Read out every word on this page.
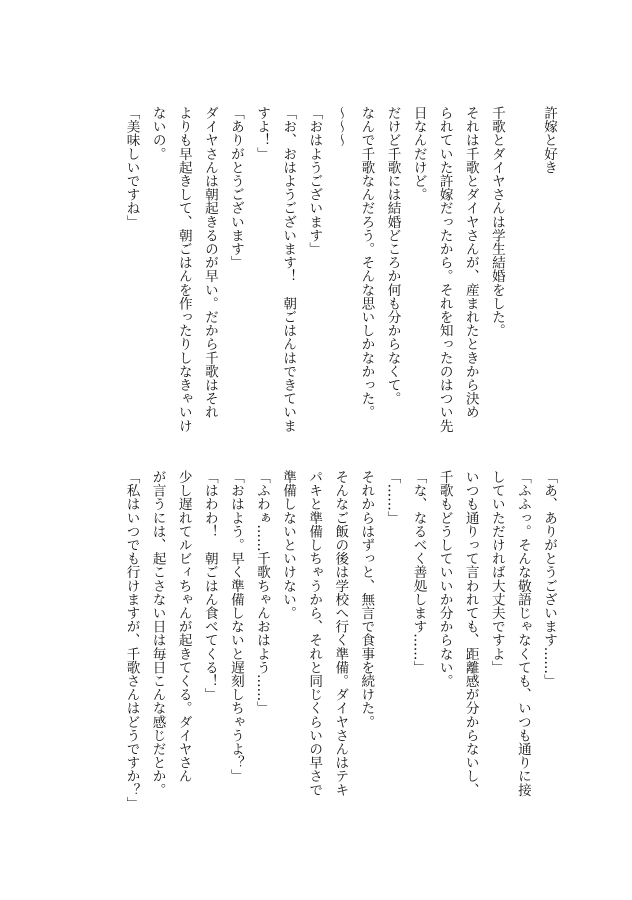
許嫁と好き
千歌とダイヤさんは学生結婚をした。
それは千歌とダイヤさんが、産まれたときから決め
られていた許嫁だったから。それを知ったのはつい先
日なんだけど。
だけど千歌には結婚どころか何も分からなくて。
なんで千歌なんだろう。そんな思いしかなかった。
〜〜〜
「おはようございます」
「お、おはようございます！　朝ごはんはできていま
すよ！」
「ありがとうございます」
ダイヤさんは朝起きるのが早い。だから千歌はそれ
よりも早起きして、朝ごはんを作ったりしなきゃいけ
ないの。
「美味しいですね」
「あ、ありがとうございます……」
「ふふっ。そんな敬語じゃなくても、いつも通りに接
していただければ大丈夫ですよ」
いつも通りって言われても、距離感が分からないし、
千歌もどうしていいか分からない。
「な、なるべく善処します……」
「……」
それからはずっと、無言で食事を続けた。
そんなご飯の後は学校へ行く準備。ダイヤさんはテキ
パキと準備しちゃうから、それと同じくらいの早さで
準備しないといけない。
「ふわぁ……千歌ちゃんおはよう……」
「おはよう。早く準備しないと遅刻しちゃうよ？」
「はわわ！　朝ごはん食べてくる！」
少し遅れてルビィちゃんが起きてくる。ダイヤさん
が言うには、起こさない日は毎日こんな感じだとか。
「私はいつでも行けますが、千歌さんはどうですか？」
